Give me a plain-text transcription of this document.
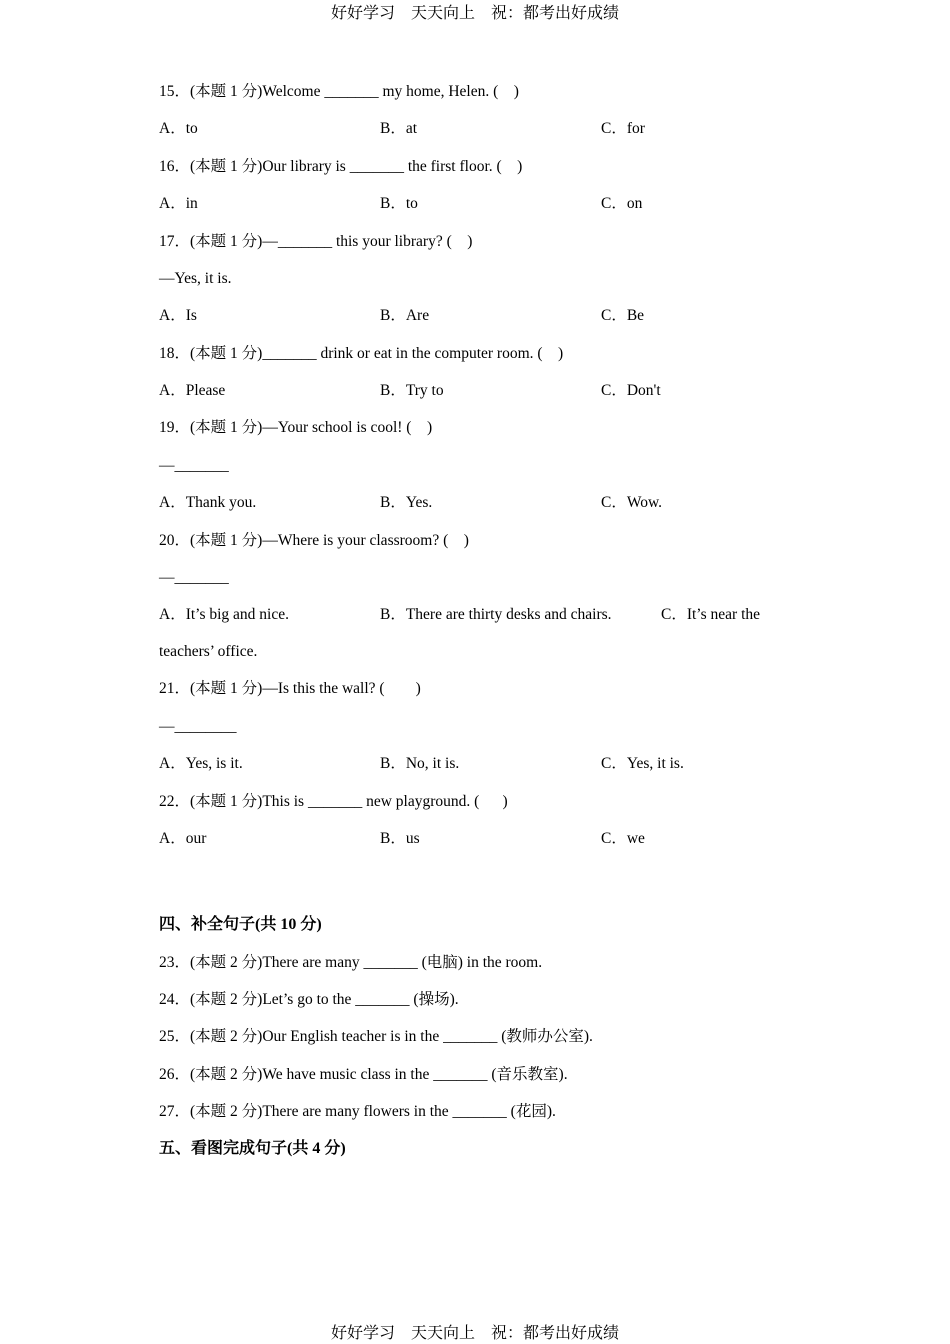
好好学习    天天向上    祝：都考出好成绩
15．(本题 1 分)Welcome _______ my home, Helen. (    )
A．to	B．at	C．for
16．(本题 1 分)Our library is _______ the first floor. (    )
A．in	B．to	C．on
17．(本题 1 分)—_______ this your library? (    )
—Yes, it is.
A．Is	B．Are	C．Be
18．(本题 1 分)_______ drink or eat in the computer room. (    )
A．Please	B．Try to	C．Don't
19．(本题 1 分)—Your school is cool! (    )
—_______
A．Thank you.	B．Yes.	C．Wow.
20．(本题 1 分)—Where is your classroom? (    )
—_______
A．It’s big and nice.	B．There are thirty desks and chairs.	C．It’s near the
teachers’ office.
21．(本题 1 分)—Is this the wall? (        )
—________
A．Yes, is it.	B．No, it is.	C．Yes, it is.
22．(本题 1 分)This is _______ new playground. (      )
A．our	B．us	C．we
四、补全句子(共 10 分)
23．(本题 2 分)There are many _______ (电脑) in the room.
24．(本题 2 分)Let’s go to the _______ (操场).
25．(本题 2 分)Our English teacher is in the _______ (教师办公室).
26．(本题 2 分)We have music class in the _______ (音乐教室).
27．(本题 2 分)There are many flowers in the _______ (花园).
五、看图完成句子(共 4 分)
好好学习    天天向上    祝：都考出好成绩
